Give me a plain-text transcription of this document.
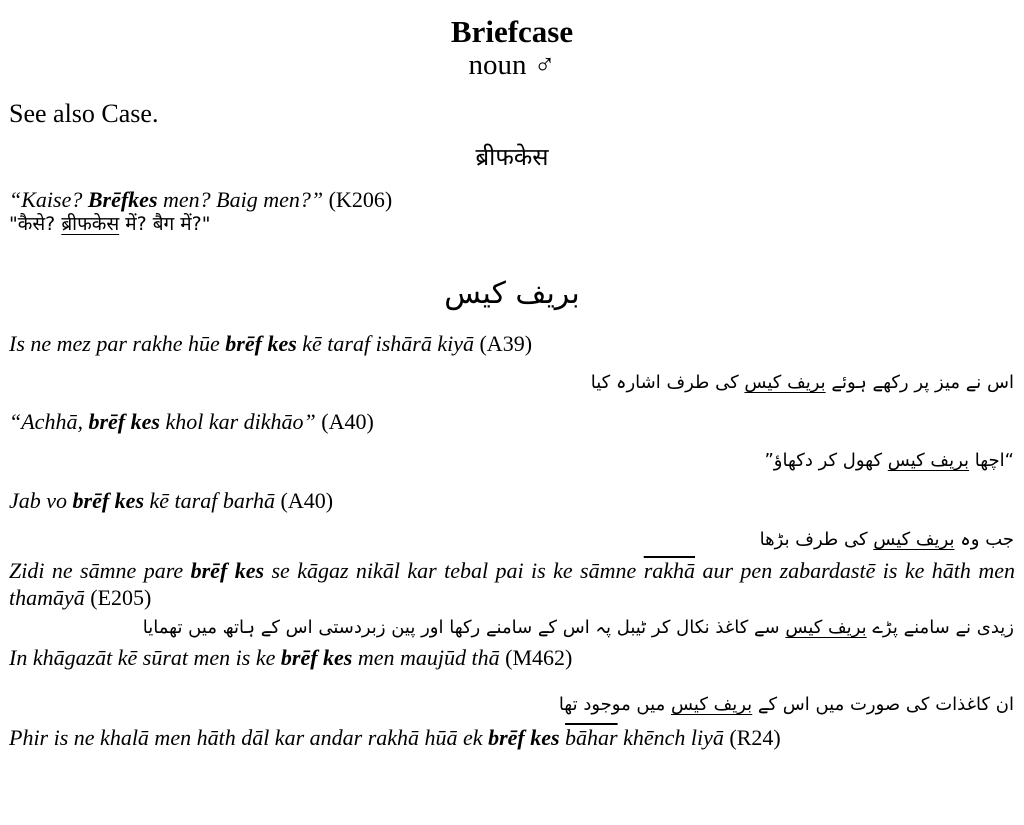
Briefcase
noun ♂
See also Case.
ब्रीफकेस
“Kaise? Brēfkes men? Baig men?” (K206)
"कैसे? ब्रीफकेस में? बैग में?"
بریف کیس
Is ne mez par rakhe hūe brēf kes kē taraf ishārā kiyā (A39)
اس نے میز پر رکھے ہوئے بریف کیس کی طرف اشارہ کیا
“Achhā, brēf kes khol kar dikhāo” (A40)
“اچھا بریف کیس کھول کر دکھاؤ”
Jab vo brēf kes kē taraf barhā (A40)
جب وہ بریف کیس کی طرف بڑھا
Zidi ne sāmne pare brēf kes se kāgaz nikāl kar tebal pai is ke sāmne rakhā aur pen zabardastē is ke hāth men thamāyā (E205)
زیدی نے سامنے پڑے بریف کیس سے کاغذ نکال کر ٹیبل پہ اس کے سامنے رکھا اور پین زبردستی اس کے ہاتھ میں تھمایا
In khāgazāt kē sūrat men is ke brēf kes men maujūd thā (M462)
ان کاغذات کی صورت میں اس کے بریف کیس میں موجود تھا
Phir is ne khalā men hāth dāl kar andar rakhā hūā ek brēf kes bāhar khēnch liyā (R24)
